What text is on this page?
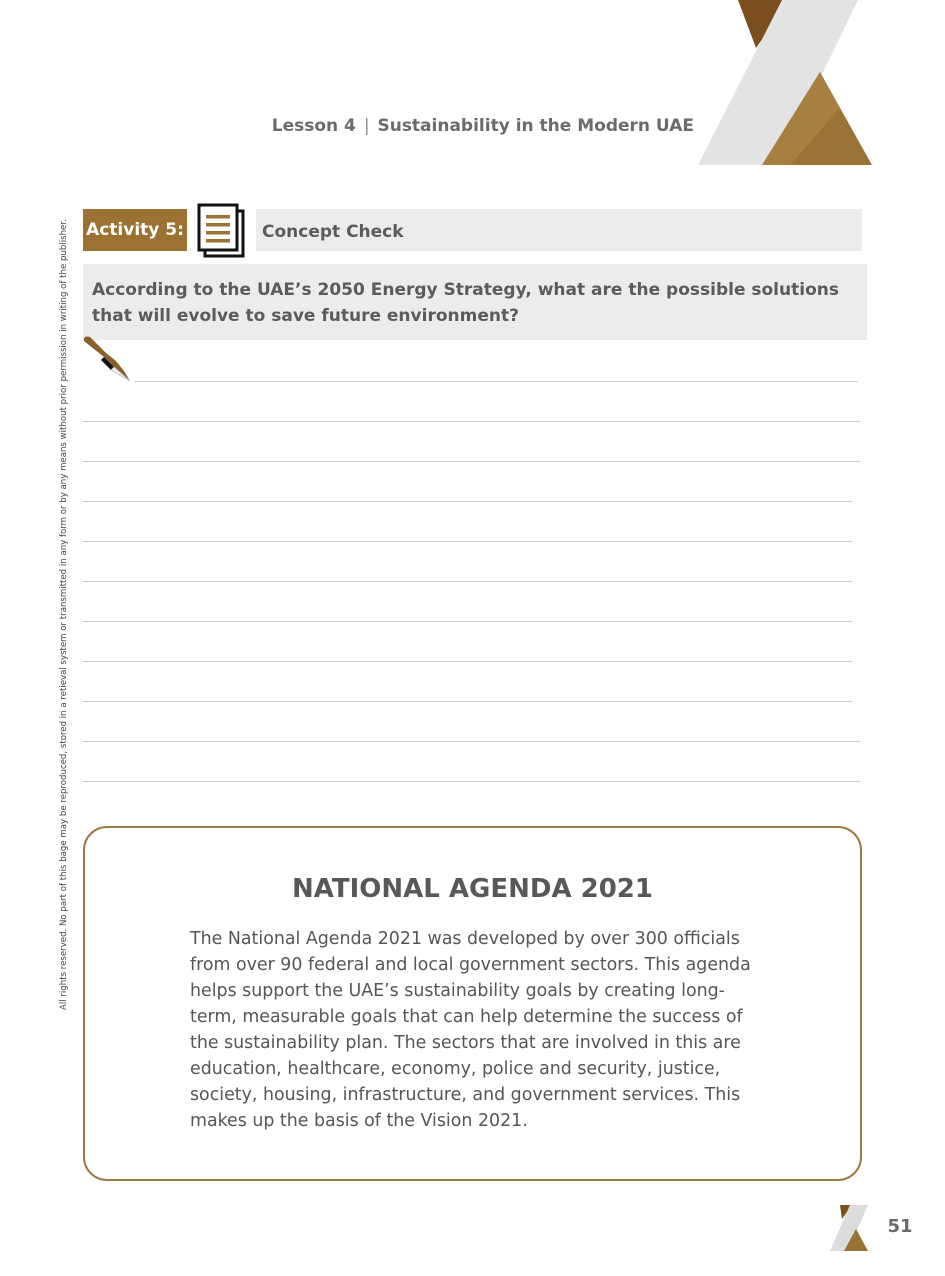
Lesson 4 | Sustainability in the Modern UAE
Activity 5:	Concept Check
According to the UAE’s 2050 Energy Strategy, what are the possible solutions that will evolve to save future environment?
NATIONAL AGENDA 2021
The National Agenda 2021 was developed by over 300 officials from over 90 federal and local government sectors. This agenda helps support the UAE’s sustainability goals by creating long-term, measurable goals that can help determine the success of the sustainability plan. The sectors that are involved in this are education, healthcare, economy, police and security, justice, society, housing, infrastructure, and government services. This makes up the basis of the Vision 2021.
All rights reserved. No part of this bage may be reproduced, stored in a retieval system or transmitted in any form or by any means without prior permission in writing of the publisher.
51
